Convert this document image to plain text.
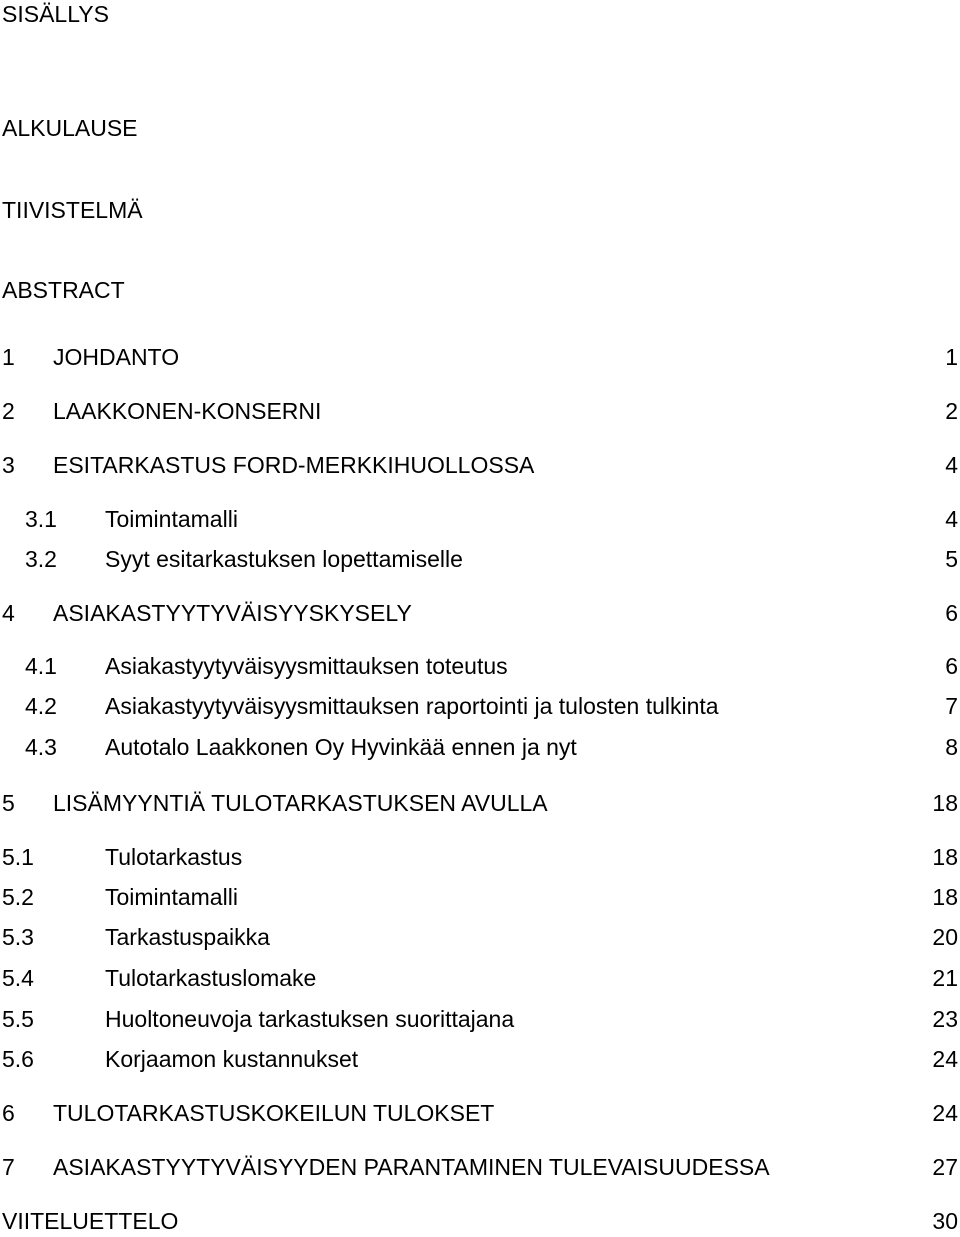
SISÄLLYS
ALKULAUSE
TIIVISTELMÄ
ABSTRACT
1 JOHDANTO	1
2 LAAKKONEN-KONSERNI	2
3 ESITARKASTUS FORD-MERKKIHUOLLOSSA	4
3.1 Toimintamalli	4
3.2 Syyt esitarkastuksen lopettamiselle	5
4 ASIAKASTYYTYVÄISYYSKYSELY	6
4.1 Asiakastyytyväisyysmittauksen toteutus	6
4.2 Asiakastyytyväisyysmittauksen raportointi ja tulosten tulkinta	7
4.3 Autotalo Laakkonen Oy Hyvinkää ennen ja nyt	8
5 LISÄMYYNTIÄ TULOTARKASTUKSEN AVULLA	18
5.1	Tulotarkastus	18
5.2	Toimintamalli	18
5.3	Tarkastuspaikka	20
5.4	Tulotarkastuslomake	21
5.5	Huoltoneuvoja tarkastuksen suorittajana	23
5.6	Korjaamon kustannukset	24
6 TULOTARKASTUSKOKEILUN TULOKSET	24
7 ASIAKASTYYTYVÄISYYDEN PARANTAMINEN TULEVAISUUDESSA	27
VIITELUETTELO	30
